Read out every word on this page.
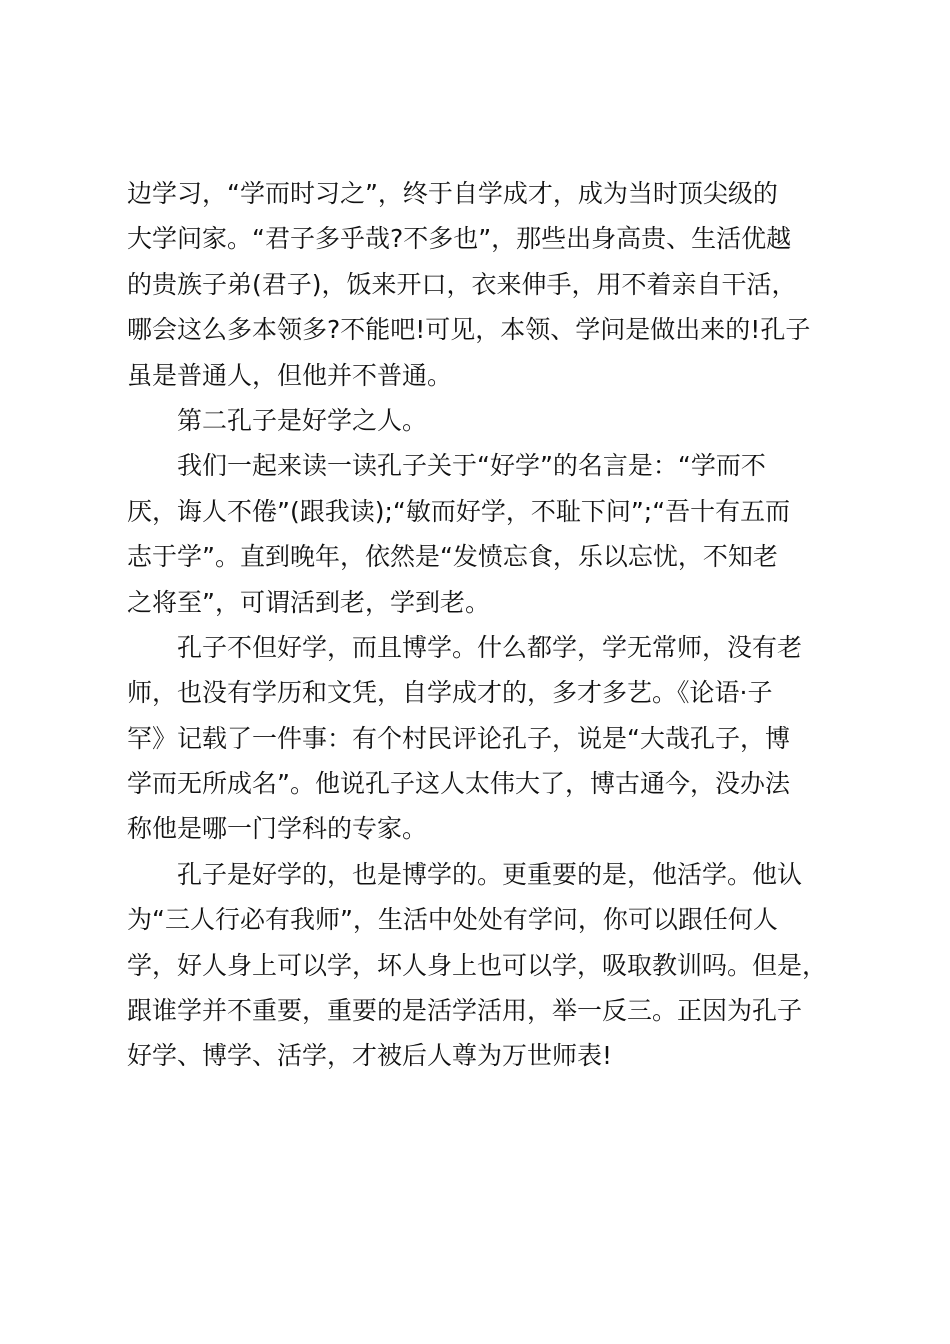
边学习，“学而时习之”，终于自学成才，成为当时顶尖级的
大学问家。“君子多乎哉?不多也”，那些出身高贵、生活优越
的贵族子弟(君子)，饭来开口，衣来伸手，用不着亲自干活，
哪会这么多本领多?不能吧!可见，本领、学问是做出来的!孔子
虽是普通人，但他并不普通。
第二孔子是好学之人。
我们一起来读一读孔子关于“好学”的名言是：“学而不
厌，诲人不倦”(跟我读);“敏而好学，不耻下问”;“吾十有五而
志于学”。直到晚年，依然是“发愤忘食，乐以忘忧，不知老
之将至”，可谓活到老，学到老。
孔子不但好学，而且博学。什么都学，学无常师，没有老
师，也没有学历和文凭，自学成才的，多才多艺。《论语·子
罕》记载了一件事：有个村民评论孔子，说是“大哉孔子，博
学而无所成名”。他说孔子这人太伟大了，博古通今，没办法
称他是哪一门学科的专家。
孔子是好学的，也是博学的。更重要的是，他活学。他认
为“三人行必有我师”，生活中处处有学问，你可以跟任何人
学，好人身上可以学，坏人身上也可以学，吸取教训吗。但是，
跟谁学并不重要，重要的是活学活用，举一反三。正因为孔子
好学、博学、活学，才被后人尊为万世师表!
